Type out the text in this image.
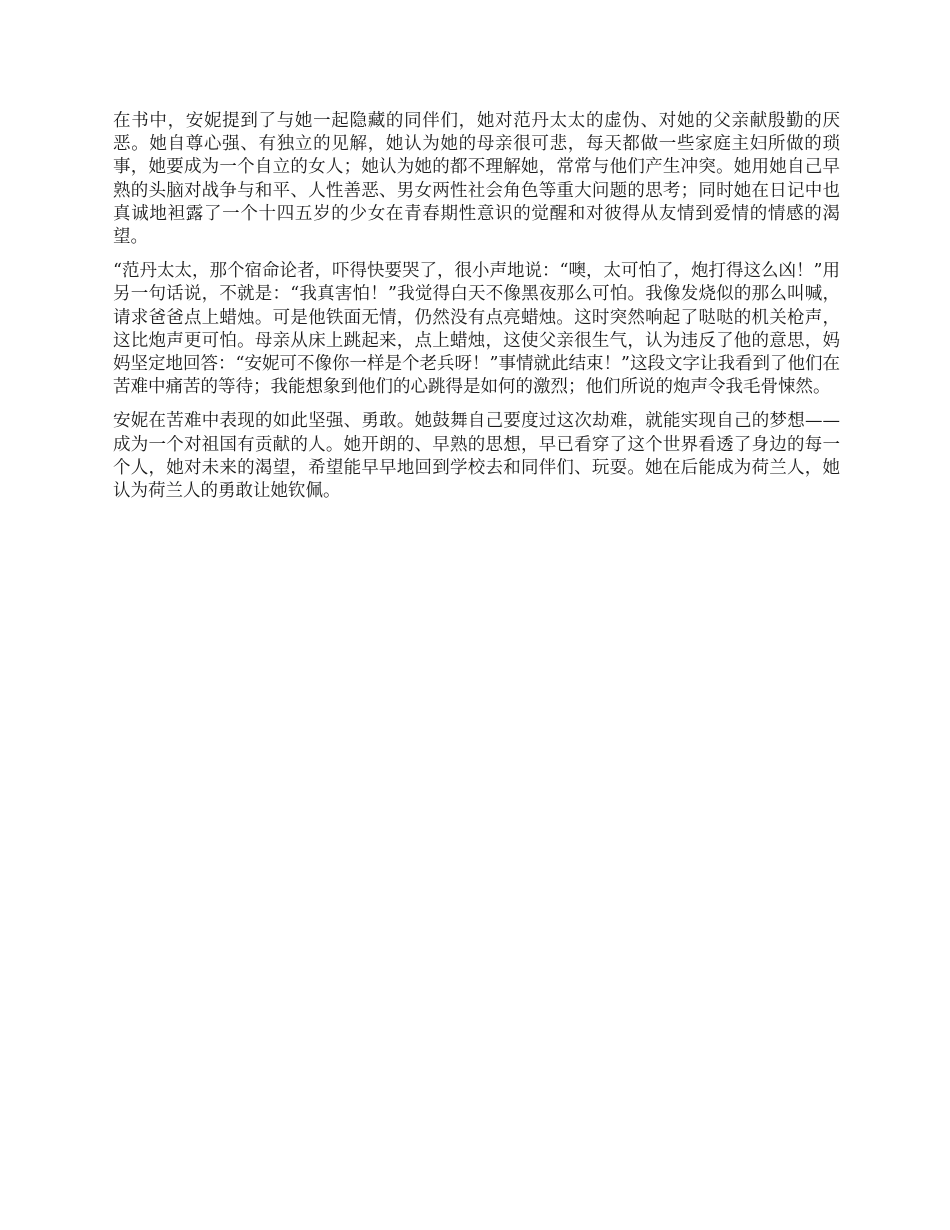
在书中，安妮提到了与她一起隐藏的同伴们，她对范丹太太的虚伪、对她的父亲献殷勤的厌恶。她自尊心强、有独立的见解，她认为她的母亲很可悲，每天都做一些家庭主妇所做的琐事，她要成为一个自立的女人；她认为她的都不理解她，常常与他们产生冲突。她用她自己早熟的头脑对战争与和平、人性善恶、男女两性社会角色等重大问题的思考；同时她在日记中也真诚地袒露了一个十四五岁的少女在青春期性意识的觉醒和对彼得从友情到爱情的情感的渴望。

“范丹太太，那个宿命论者，吓得快要哭了，很小声地说：“噢，太可怕了，炮打得这么凶！”用另一句话说，不就是：“我真害怕！”我觉得白天不像黑夜那么可怕。我像发烧似的那么叫喊，请求爸爸点上蜡烛。可是他铁面无情，仍然没有点亮蜡烛。这时突然响起了哒哒的机关枪声，这比炮声更可怕。母亲从床上跳起来，点上蜡烛，这使父亲很生气，认为违反了他的意思，妈妈坚定地回答：“安妮可不像你一样是个老兵呀！”事情就此结束！”这段文字让我看到了他们在苦难中痛苦的等待；我能想象到他们的心跳得是如何的激烈；他们所说的炮声令我毛骨悚然。

安妮在苦难中表现的如此坚强、勇敢。她鼓舞自己要度过这次劫难，就能实现自己的梦想——成为一个对祖国有贡献的人。她开朗的、早熟的思想，早已看穿了这个世界看透了身边的每一个人，她对未来的渴望，希望能早早地回到学校去和同伴们、玩耍。她在后能成为荷兰人，她认为荷兰人的勇敢让她钦佩。
